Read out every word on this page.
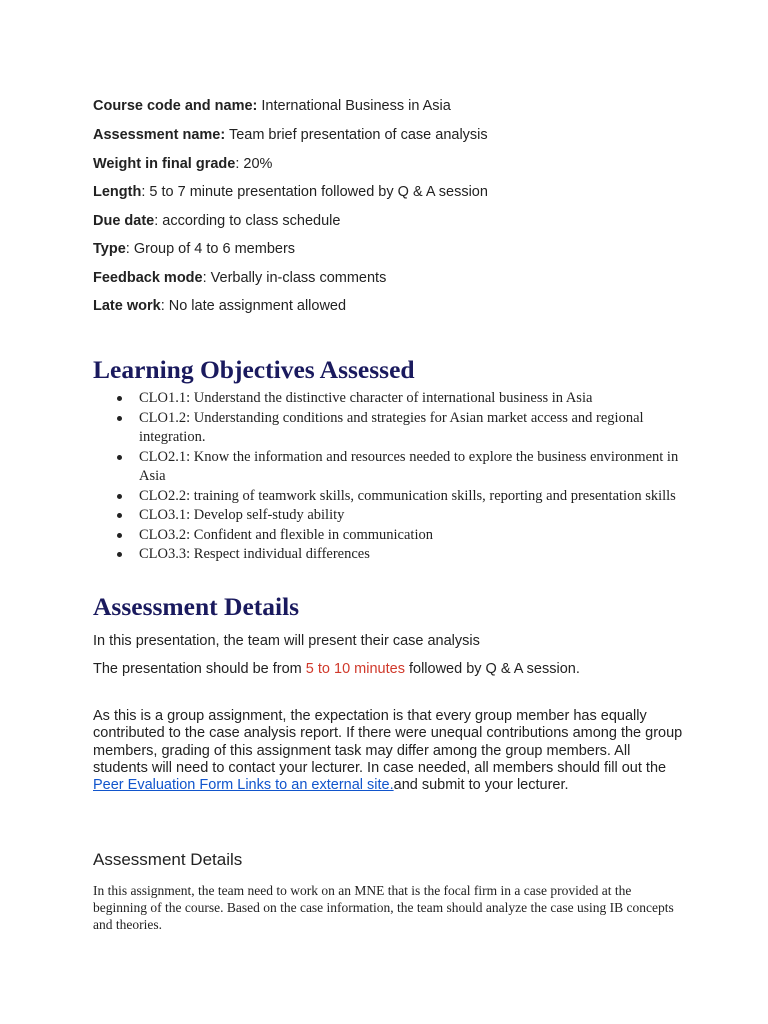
Course code and name: International Business in Asia
Assessment name: Team brief presentation of case analysis
Weight in final grade: 20%
Length: 5 to 7 minute presentation followed by Q & A session
Due date: according to class schedule
Type: Group of 4 to 6 members
Feedback mode: Verbally in-class comments
Late work: No late assignment allowed
Learning Objectives Assessed
CLO1.1: Understand the distinctive character of international business in Asia
CLO1.2: Understanding conditions and strategies for Asian market access and regional integration.
CLO2.1: Know the information and resources needed to explore the business environment in Asia
CLO2.2: training of teamwork skills, communication skills, reporting and presentation skills
CLO3.1: Develop self-study ability
CLO3.2: Confident and flexible in communication
CLO3.3: Respect individual differences
Assessment Details
In this presentation, the team will present their case analysis
The presentation should be from 5 to 10 minutes followed by Q & A session.
As this is a group assignment, the expectation is that every group member has equally contributed to the case analysis report. If there were unequal contributions among the group members, grading of this assignment task may differ among the group members. All students will need to contact your lecturer. In case needed, all members should fill out the Peer Evaluation Form Links to an external site.and submit to your lecturer.
Assessment Details
In this assignment, the team need to work on an MNE that is the focal firm in a case provided at the beginning of the course. Based on the case information, the team should analyze the case using IB concepts and theories.
